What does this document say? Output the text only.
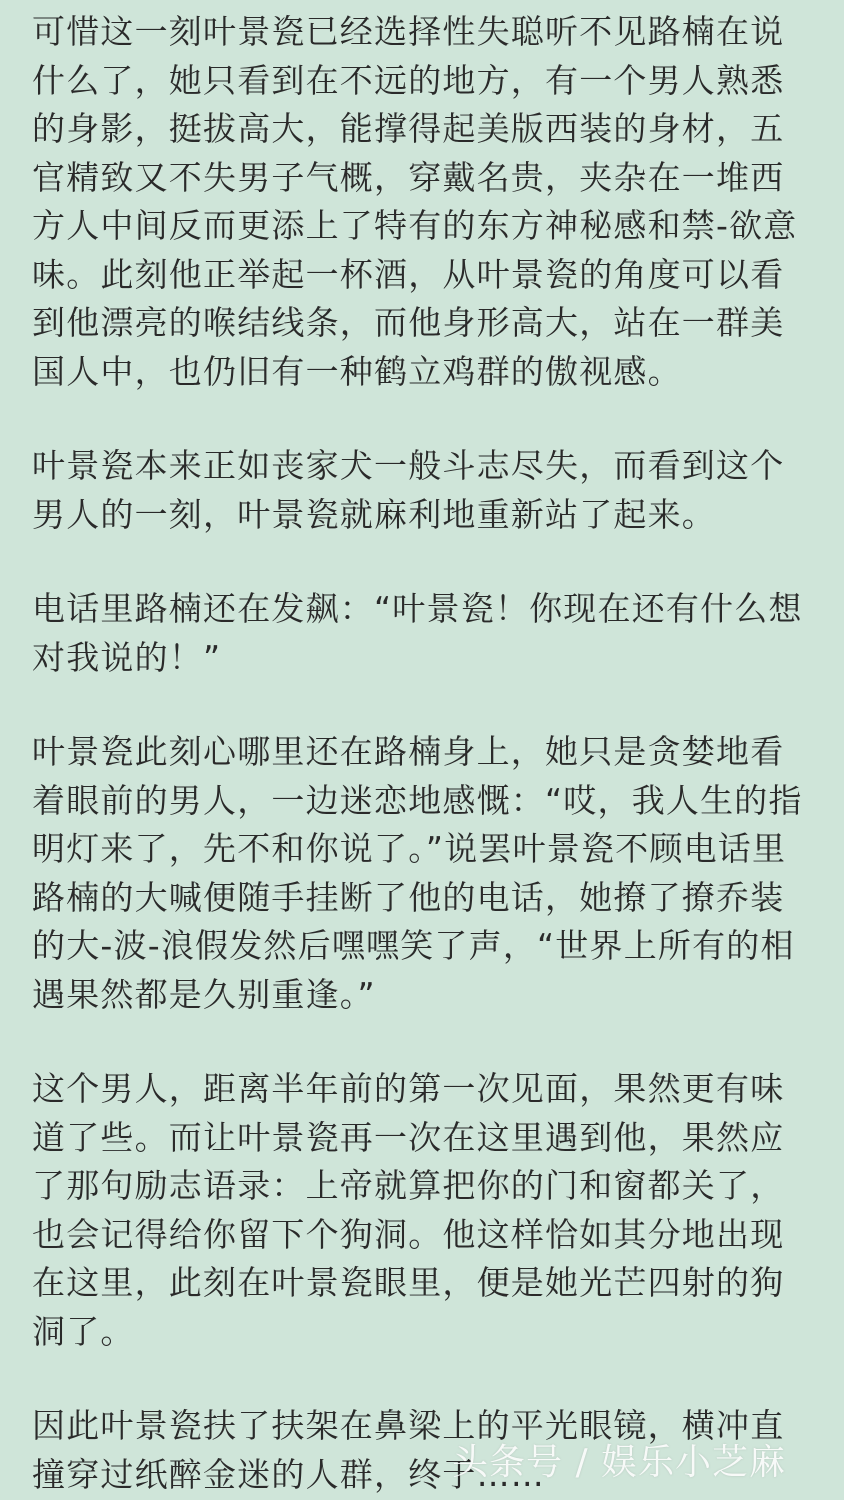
可惜这一刻叶景瓷已经选择性失聪听不见路楠在说什么了，她只看到在不远的地方，有一个男人熟悉的身影，挺拔高大，能撑得起美版西装的身材，五官精致又不失男子气概，穿戴名贵，夹杂在一堆西方人中间反而更添上了特有的东方神秘感和禁-欲意味。此刻他正举起一杯酒，从叶景瓷的角度可以看到他漂亮的喉结线条，而他身形高大，站在一群美国人中，也仍旧有一种鹤立鸡群的傲视感。

叶景瓷本来正如丧家犬一般斗志尽失，而看到这个男人的一刻，叶景瓷就麻利地重新站了起来。

电话里路楠还在发飙：“叶景瓷！你现在还有什么想对我说的！”

叶景瓷此刻心哪里还在路楠身上，她只是贪婪地看着眼前的男人，一边迷恋地感慨：“哎，我人生的指明灯来了，先不和你说了。”说罢叶景瓷不顾电话里路楠的大喊便随手挂断了他的电话，她撩了撩乔装的大-波-浪假发然后嘿嘿笑了声，“世界上所有的相遇果然都是久别重逢。”

这个男人，距离半年前的第一次见面，果然更有味道了些。而让叶景瓷再一次在这里遇到他，果然应了那句励志语录：上帝就算把你的门和窗都关了，也会记得给你留下个狗洞。他这样恰如其分地出现在这里，此刻在叶景瓷眼里，便是她光芒四射的狗洞了。

因此叶景瓷扶了扶架在鼻梁上的平光眼镜，横冲直撞穿过纸醉金迷的人群，终于……

头条号 / 娱乐小芝麻
